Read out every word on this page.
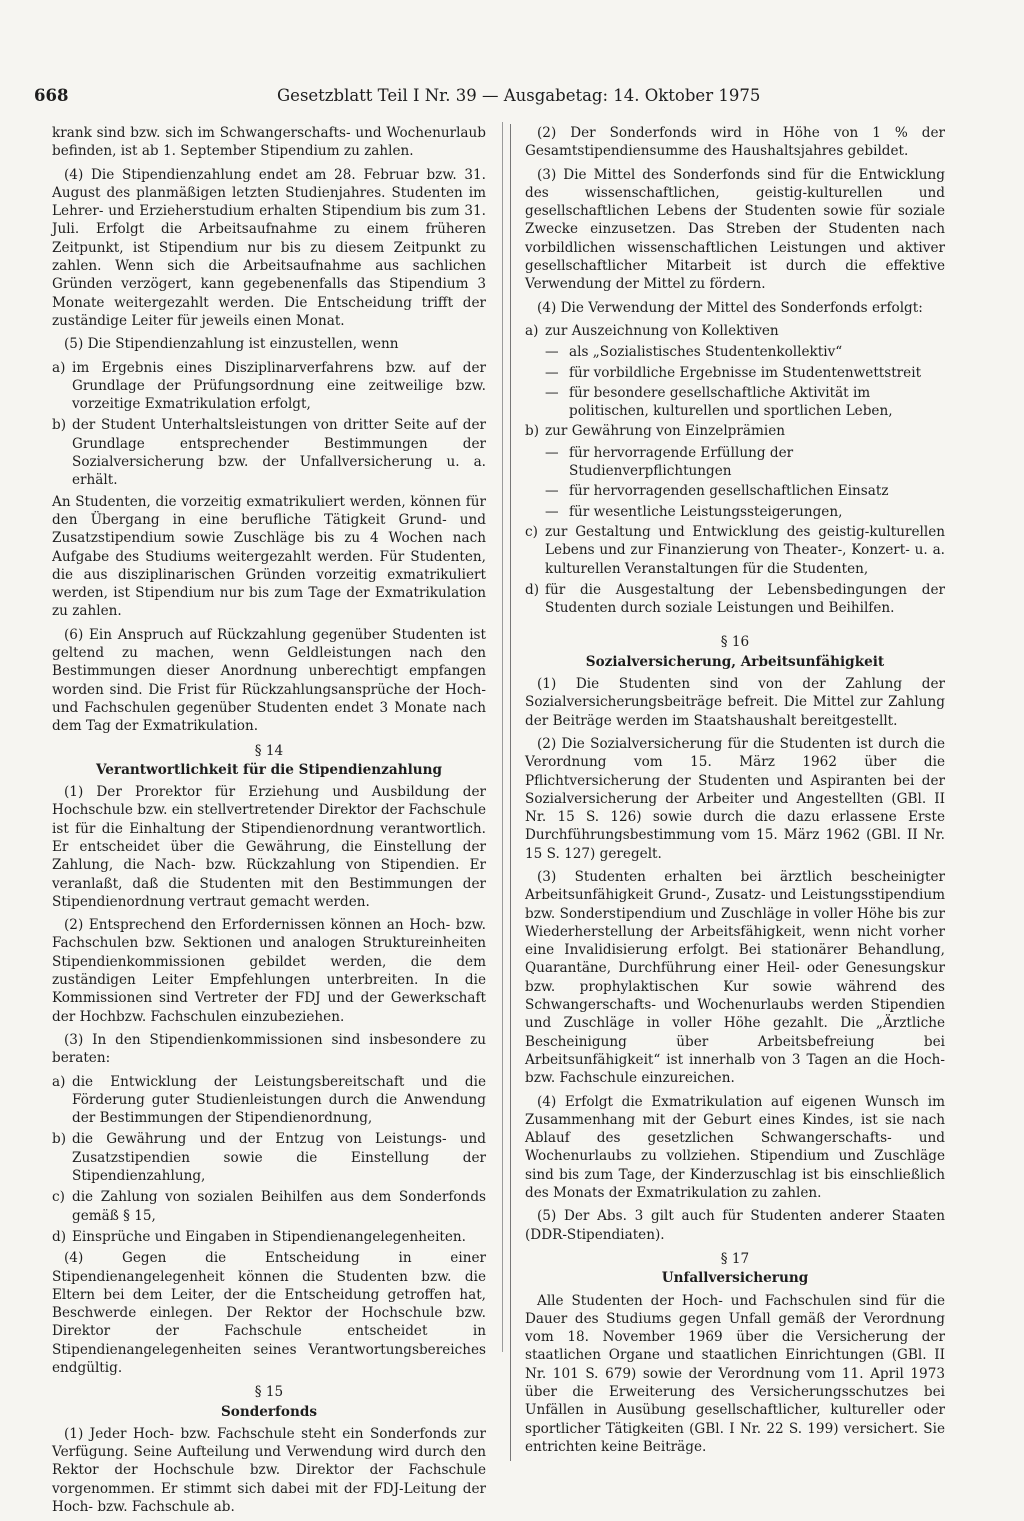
668	Gesetzblatt Teil I Nr. 39 — Ausgabetag: 14. Oktober 1975

krank sind bzw. sich im Schwangerschafts- und Wochenurlaub befinden, ist ab 1. September Stipendium zu zahlen.

(4) Die Stipendienzahlung endet am 28. Februar bzw. 31. August des planmäßigen letzten Studienjahres. Studenten im Lehrer- und Erzieherstudium erhalten Stipendium bis zum 31. Juli. Erfolgt die Arbeitsaufnahme zu einem früheren Zeitpunkt, ist Stipendium nur bis zu diesem Zeitpunkt zu zahlen. Wenn sich die Arbeitsaufnahme aus sachlichen Gründen verzögert, kann gegebenenfalls das Stipendium 3 Monate weitergezahlt werden. Die Entscheidung trifft der zuständige Leiter für jeweils einen Monat.

(5) Die Stipendienzahlung ist einzustellen, wenn

a) im Ergebnis eines Disziplinarverfahrens bzw. auf der Grundlage der Prüfungsordnung eine zeitweilige bzw. vorzeitige Exmatrikulation erfolgt,
b) der Student Unterhaltsleistungen von dritter Seite auf der Grundlage entsprechender Bestimmungen der Sozialversicherung bzw. der Unfallversicherung u. a. erhält.

An Studenten, die vorzeitig exmatrikuliert werden, können für den Übergang in eine berufliche Tätigkeit Grund- und Zusatzstipendium sowie Zuschläge bis zu 4 Wochen nach Aufgabe des Studiums weitergezahlt werden. Für Studenten, die aus disziplinarischen Gründen vorzeitig exmatrikuliert werden, ist Stipendium nur bis zum Tage der Exmatrikulation zu zahlen.

(6) Ein Anspruch auf Rückzahlung gegenüber Studenten ist geltend zu machen, wenn Geldleistungen nach den Bestimmungen dieser Anordnung unberechtigt empfangen worden sind. Die Frist für Rückzahlungsansprüche der Hoch- und Fachschulen gegenüber Studenten endet 3 Monate nach dem Tag der Exmatrikulation.

§ 14
Verantwortlichkeit für die Stipendienzahlung

(1) Der Prorektor für Erziehung und Ausbildung der Hochschule bzw. ein stellvertretender Direktor der Fachschule ist für die Einhaltung der Stipendienordnung verantwortlich. Er entscheidet über die Gewährung, die Einstellung der Zahlung, die Nach- bzw. Rückzahlung von Stipendien. Er veranlaßt, daß die Studenten mit den Bestimmungen der Stipendienordnung vertraut gemacht werden.

(2) Entsprechend den Erfordernissen können an Hoch- bzw. Fachschulen bzw. Sektionen und analogen Struktureinheiten Stipendienkommissionen gebildet werden, die dem zuständigen Leiter Empfehlungen unterbreiten. In die Kommissionen sind Vertreter der FDJ und der Gewerkschaft der Hochbzw. Fachschulen einzubeziehen.

(3) In den Stipendienkommissionen sind insbesondere zu beraten:

a) die Entwicklung der Leistungsbereitschaft und die Förderung guter Studienleistungen durch die Anwendung der Bestimmungen der Stipendienordnung,
b) die Gewährung und der Entzug von Leistungs- und Zusatzstipendien sowie die Einstellung der Stipendienzahlung,
c) die Zahlung von sozialen Beihilfen aus dem Sonderfonds gemäß § 15,
d) Einsprüche und Eingaben in Stipendienangelegenheiten.

(4) Gegen die Entscheidung in einer Stipendienangelegenheit können die Studenten bzw. die Eltern bei dem Leiter, der die Entscheidung getroffen hat, Beschwerde einlegen. Der Rektor der Hochschule bzw. Direktor der Fachschule entscheidet in Stipendienangelegenheiten seines Verantwortungsbereiches endgültig.

§ 15
Sonderfonds

(1) Jeder Hoch- bzw. Fachschule steht ein Sonderfonds zur Verfügung. Seine Aufteilung und Verwendung wird durch den Rektor der Hochschule bzw. Direktor der Fachschule vorgenommen. Er stimmt sich dabei mit der FDJ-Leitung der Hoch- bzw. Fachschule ab.

(2) Der Sonderfonds wird in Höhe von 1 % der Gesamtstipendiensumme des Haushaltsjahres gebildet.

(3) Die Mittel des Sonderfonds sind für die Entwicklung des wissenschaftlichen, geistig-kulturellen und gesellschaftlichen Lebens der Studenten sowie für soziale Zwecke einzusetzen. Das Streben der Studenten nach vorbildlichen wissenschaftlichen Leistungen und aktiver gesellschaftlicher Mitarbeit ist durch die effektive Verwendung der Mittel zu fördern.

(4) Die Verwendung der Mittel des Sonderfonds erfolgt:

a) zur Auszeichnung von Kollektiven
— als „Sozialistisches Studentenkollektiv“
— für vorbildliche Ergebnisse im Studentenwettstreit
— für besondere gesellschaftliche Aktivität im politischen, kulturellen und sportlichen Leben,
b) zur Gewährung von Einzelprämien
— für hervorragende Erfüllung der Studienverpflichtungen
— für hervorragenden gesellschaftlichen Einsatz
— für wesentliche Leistungssteigerungen,
c) zur Gestaltung und Entwicklung des geistig-kulturellen Lebens und zur Finanzierung von Theater-, Konzert- u. a. kulturellen Veranstaltungen für die Studenten,
d) für die Ausgestaltung der Lebensbedingungen der Studenten durch soziale Leistungen und Beihilfen.
§ 16
Sozialversicherung, Arbeitsunfähigkeit

(1) Die Studenten sind von der Zahlung der Sozialversicherungsbeiträge befreit. Die Mittel zur Zahlung der Beiträge werden im Staatshaushalt bereitgestellt.

(2) Die Sozialversicherung für die Studenten ist durch die Verordnung vom 15. März 1962 über die Pflichtversicherung der Studenten und Aspiranten bei der Sozialversicherung der Arbeiter und Angestellten (GBl. II Nr. 15 S. 126) sowie durch die dazu erlassene Erste Durchführungsbestimmung vom 15. März 1962 (GBl. II Nr. 15 S. 127) geregelt.

(3) Studenten erhalten bei ärztlich bescheinigter Arbeitsunfähigkeit Grund-, Zusatz- und Leistungsstipendium bzw. Sonderstipendium und Zuschläge in voller Höhe bis zur Wiederherstellung der Arbeitsfähigkeit, wenn nicht vorher eine Invalidisierung erfolgt. Bei stationärer Behandlung, Quarantäne, Durchführung einer Heil- oder Genesungskur bzw. prophylaktischen Kur sowie während des Schwangerschafts- und Wochenurlaubs werden Stipendien und Zuschläge in voller Höhe gezahlt. Die „Ärztliche Bescheinigung über Arbeitsbefreiung bei Arbeitsunfähigkeit“ ist innerhalb von 3 Tagen an die Hoch- bzw. Fachschule einzureichen.

(4) Erfolgt die Exmatrikulation auf eigenen Wunsch im Zusammenhang mit der Geburt eines Kindes, ist sie nach Ablauf des gesetzlichen Schwangerschafts- und Wochenurlaubs zu vollziehen. Stipendium und Zuschläge sind bis zum Tage, der Kinderzuschlag ist bis einschließlich des Monats der Exmatrikulation zu zahlen.

(5) Der Abs. 3 gilt auch für Studenten anderer Staaten (DDR-Stipendiaten).

§ 17
Unfallversicherung

Alle Studenten der Hoch- und Fachschulen sind für die Dauer des Studiums gegen Unfall gemäß der Verordnung vom 18. November 1969 über die Versicherung der staatlichen Organe und staatlichen Einrichtungen (GBl. II Nr. 101 S. 679) sowie der Verordnung vom 11. April 1973 über die Erweiterung des Versicherungsschutzes bei Unfällen in Ausübung gesellschaftlicher, kultureller oder sportlicher Tätigkeiten (GBl. I Nr. 22 S. 199) versichert. Sie entrichten keine Beiträge.
